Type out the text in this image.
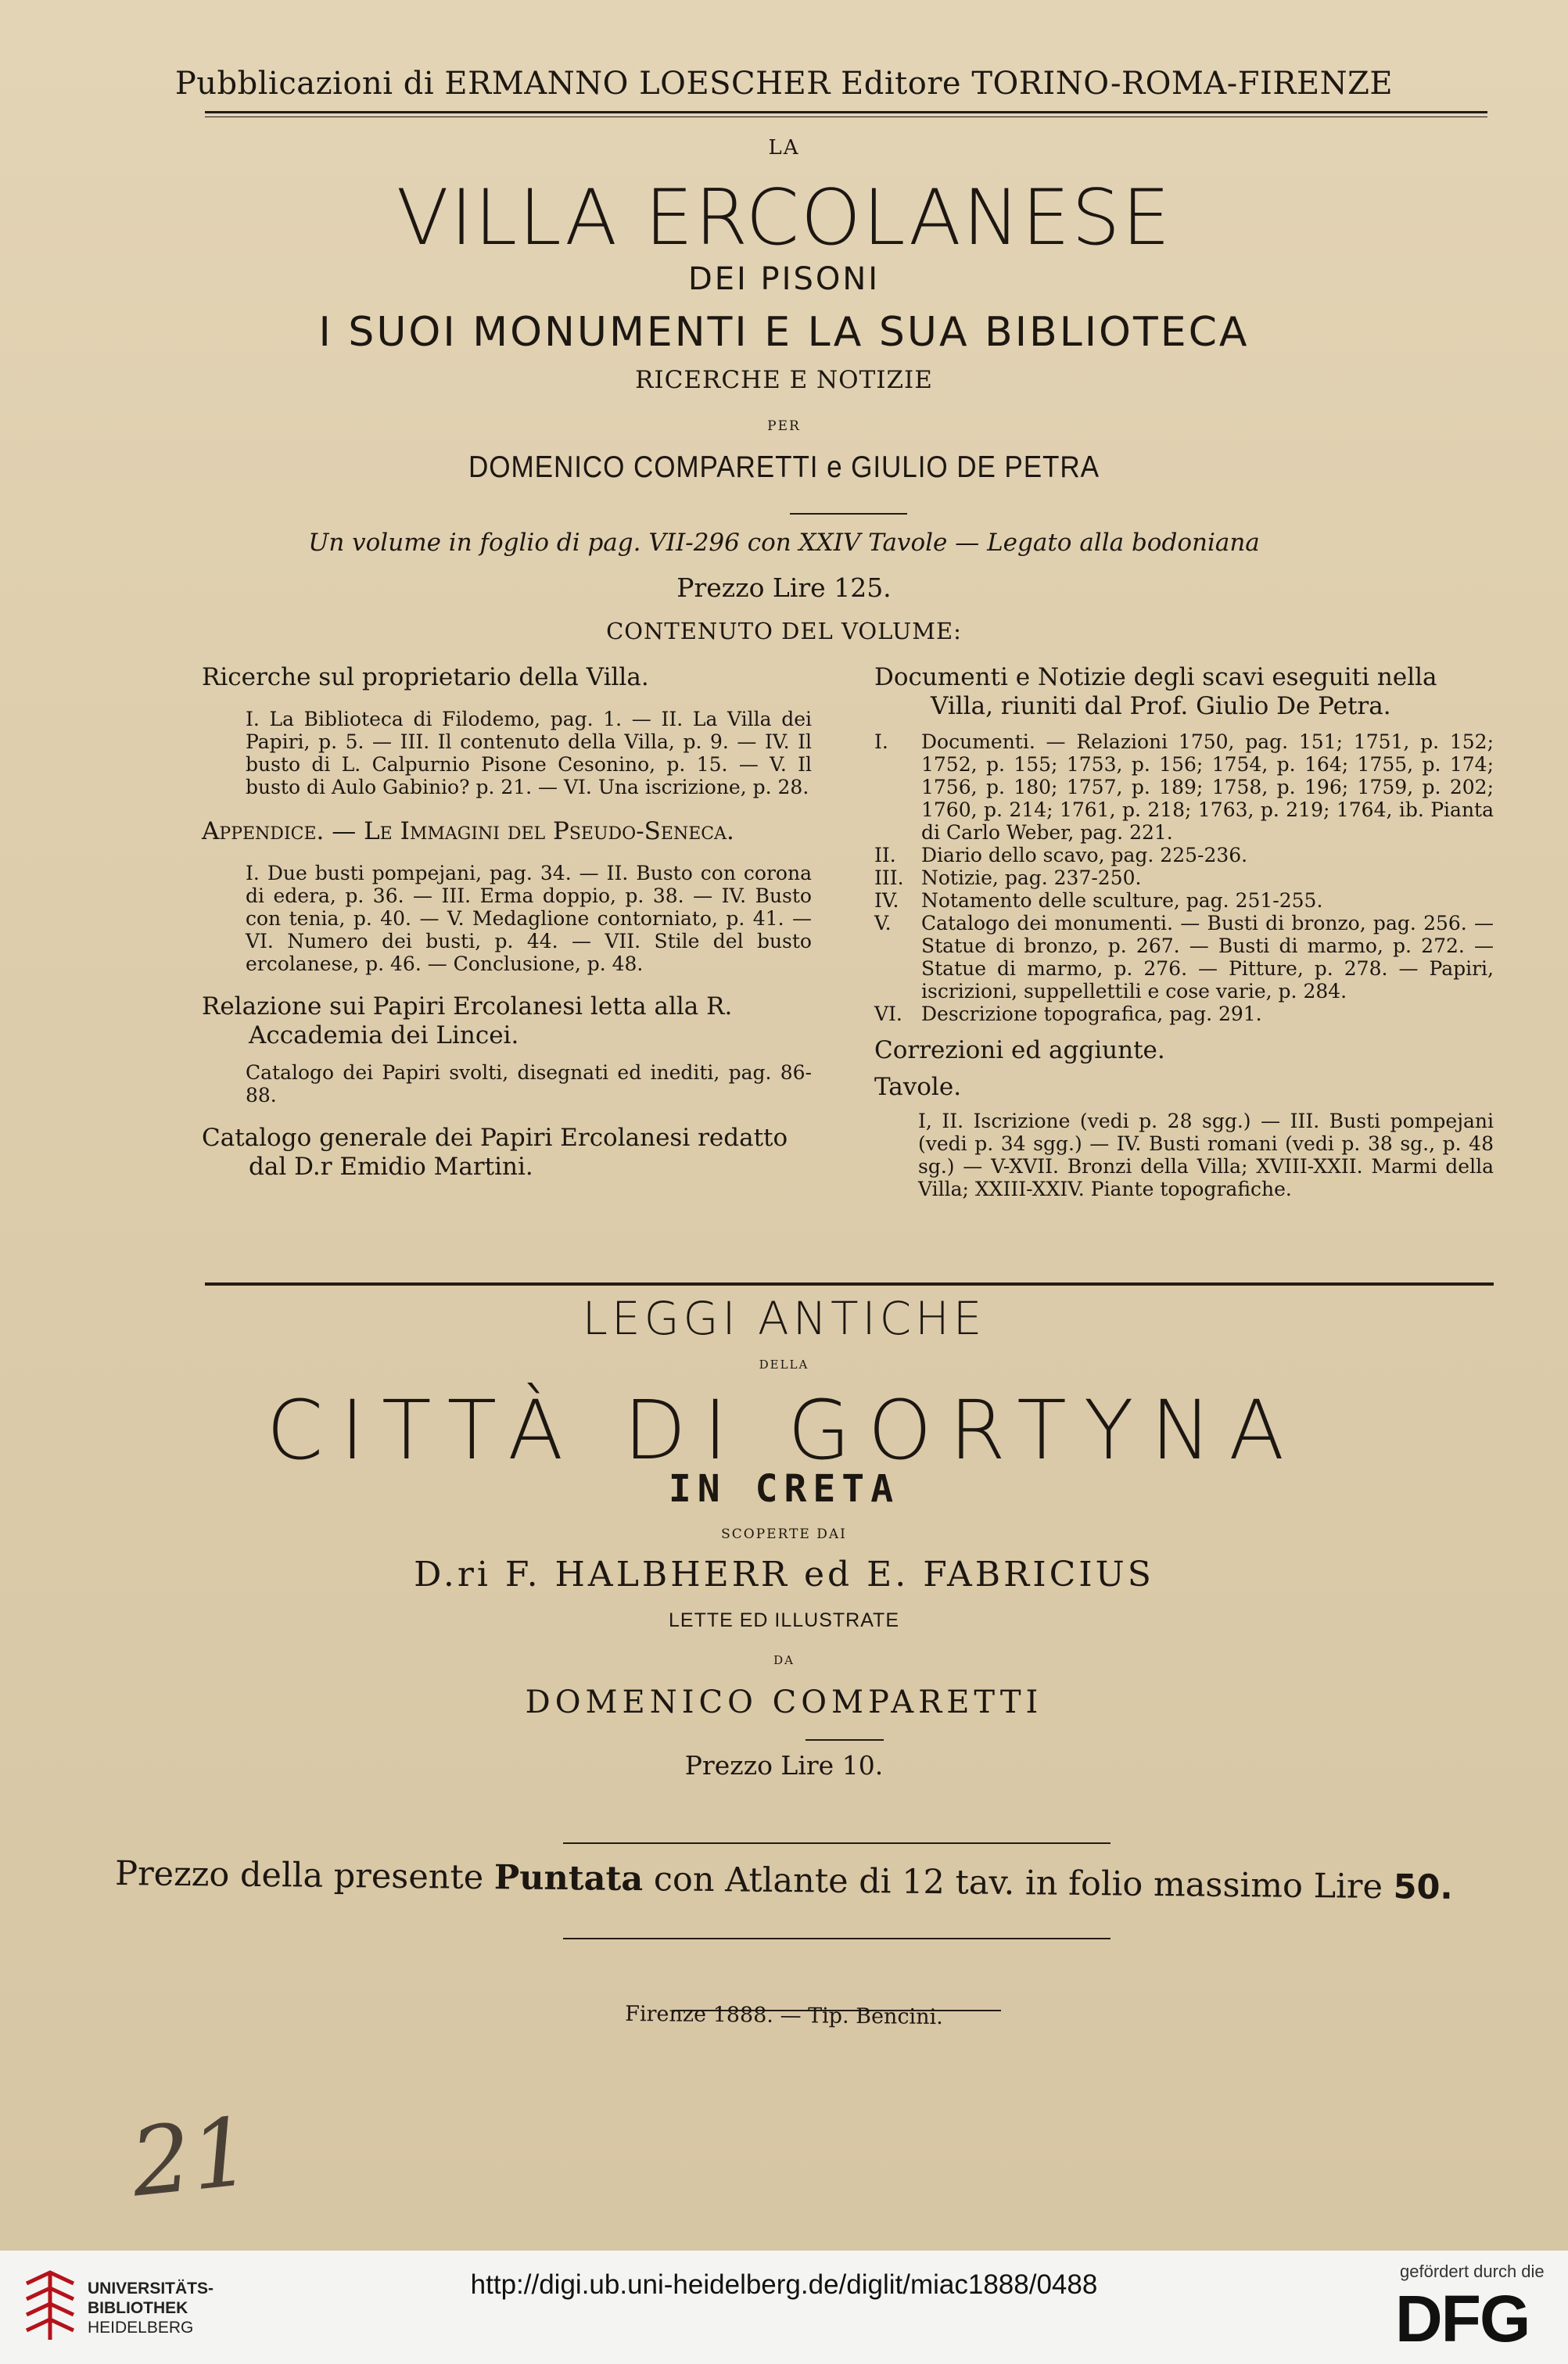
Pubblicazioni di ERMANNO LOESCHER Editore TORINO-ROMA-FIRENZE
LA
VILLA ERCOLANESE
DEI PISONI
I SUOI MONUMENTI E LA SUA BIBLIOTECA
RICERCHE E NOTIZIE
PER
DOMENICO COMPARETTI e GIULIO DE PETRA
Un volume in foglio di pag. VII-296 con XXIV Tavole — Legato alla bodoniana
Prezzo Lire 125.
CONTENUTO DEL VOLUME:

Ricerche sul proprietario della Villa.

I. La Biblioteca di Filodemo, pag. 1. — II. La Villa dei Papiri, p. 5. — III. Il contenuto della Villa, p. 9. — IV. Il busto di L. Calpurnio Pisone Cesonino, p. 15. — V. Il busto di Aulo Gabinio? p. 21. — VI. Una iscrizione, p. 28.

Appendice. — Le Immagini del Pseudo-Seneca.

I. Due busti pompejani, pag. 34. — II. Busto con corona di edera, p. 36. — III. Erma doppio, p. 38. — IV. Busto con tenia, p. 40. — V. Medaglione contorniato, p. 41. — VI. Numero dei busti, p. 44. — VII. Stile del busto ercolanese, p. 46. — Conclusione, p. 48.

Relazione sui Papiri Ercolanesi letta alla R. Accademia dei Lincei.

Catalogo dei Papiri svolti, disegnati ed inediti, pag. 86-88.

Catalogo generale dei Papiri Ercolanesi redatto dal D.r Emidio Martini.

Documenti e Notizie degli scavi eseguiti nella Villa, riuniti dal Prof. Giulio De Petra.

I.	Documenti. — Relazioni 1750, pag. 151; 1751, p. 152; 1752, p. 155; 1753, p. 156; 1754, p. 164; 1755, p. 174; 1756, p. 180; 1757, p. 189; 1758, p. 196; 1759, p. 202; 1760, p. 214; 1761, p. 218; 1763, p. 219; 1764, ib. Pianta di Carlo Weber, pag. 221.
II.	Diario dello scavo, pag. 225-236.
III. Notizie, pag. 237-250.
IV.	Notamento delle sculture, pag. 251-255.
V.	Catalogo dei monumenti. — Busti di bronzo, pag. 256. — Statue di bronzo, p. 267. — Busti di marmo, p. 272. — Statue di marmo, p. 276. — Pitture, p. 278. — Papiri, iscrizioni, suppellettili e cose varie, p. 284.
VI. Descrizione topografica, pag. 291.

Correzioni ed aggiunte.

Tavole.

I, II. Iscrizione (vedi p. 28 sgg.) — III. Busti pompejani (vedi p. 34 sgg.) — IV. Busti romani (vedi p. 38 sg., p. 48 sg.) — V-XVII. Bronzi della Villa; XVIII-XXII. Marmi della Villa; XXIII-XXIV. Piante topografiche.

LEGGI ANTICHE
DELLA
CITTÀ DI GORTYNA
IN CRETA
SCOPERTE DAI
D.ri F. HALBHERR ed E. FABRICIUS
LETTE ED ILLUSTRATE
DA
DOMENICO COMPARETTI
Prezzo Lire 10.
Prezzo della presente Puntata con Atlante di 12 tav. in folio massimo Lire 50.
Firenze 1888. — Tip. Bencini.
21
UNIVERSITÄTS-
BIBLIOTHEK
HEIDELBERG
http://digi.ub.uni-heidelberg.de/diglit/miac1888/0488	gefördert durch die
DFG
